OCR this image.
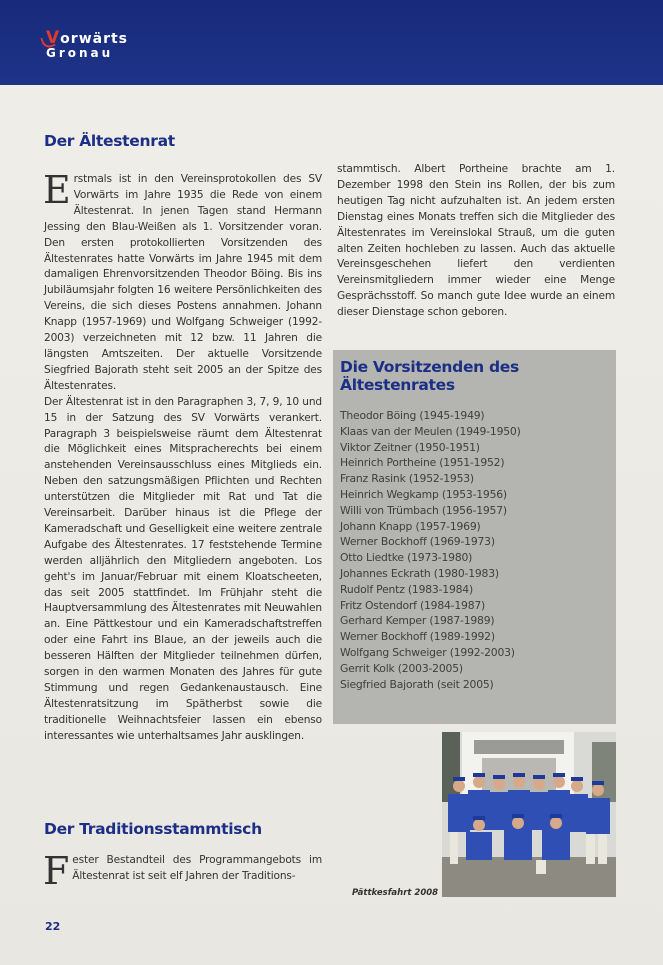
Vorwärts
Gronau
Der Ältestenrat

Erstmals ist in den Vereinsprotokollen des SV Vorwärts im Jahre 1935 die Rede von einem Ältestenrat. In jenen Tagen stand Hermann Jessing den Blau-Weißen als 1. Vorsitzender voran. Den ersten protokollierten Vorsitzenden des Ältestenrates hatte Vorwärts im Jahre 1945 mit dem damaligen Ehrenvorsitzenden Theodor Böing. Bis ins Jubiläumsjahr folgten 16 weitere Persönlichkeiten des Vereins, die sich dieses Postens annahmen. Johann Knapp (1957-1969) und Wolfgang Schweiger (1992-2003) verzeichneten mit 12 bzw. 11 Jahren die längsten Amtszeiten. Der aktuelle Vorsitzende Siegfried Bajorath steht seit 2005 an der Spitze des Ältestenrates.

Der Ältestenrat ist in den Paragraphen 3, 7, 9, 10 und 15 in der Satzung des SV Vorwärts verankert. Paragraph 3 beispielsweise räumt dem Ältestenrat die Möglichkeit eines Mitspracherechts bei einem anstehenden Vereinsausschluss eines Mitglieds ein. Neben den satzungsmäßigen Pflichten und Rechten unterstützen die Mitglieder mit Rat und Tat die Vereinsarbeit. Darüber hinaus ist die Pflege der Kameradschaft und Geselligkeit eine weitere zentrale Aufgabe des Ältestenrates. 17 feststehende Termine werden alljährlich den Mitgliedern angeboten. Los geht's im Januar/Februar mit einem Kloatscheeten, das seit 2005 stattfindet. Im Frühjahr steht die Hauptversammlung des Ältestenrates mit Neuwahlen an. Eine Pättkestour und ein Kameradschaftstreffen oder eine Fahrt ins Blaue, an der jeweils auch die besseren Hälften der Mitglieder teilnehmen dürfen, sorgen in den warmen Monaten des Jahres für gute Stimmung und regen Gedankenaustausch. Eine Ältestenratsitzung im Spätherbst sowie die traditionelle Weihnachtsfeier lassen ein ebenso interessantes wie unterhaltsames Jahr ausklingen.

Der Traditionsstammtisch

Fester Bestandteil des Programmangebots im Ältestenrat ist seit elf Jahren der Traditions-

stammtisch. Albert Portheine brachte am 1. Dezember 1998 den Stein ins Rollen, der bis zum heutigen Tag nicht aufzuhalten ist. An jedem ersten Dienstag eines Monats treffen sich die Mitglieder des Ältestenrates im Vereinslokal Strauß, um die guten alten Zeiten hochleben zu lassen. Auch das aktuelle Vereinsgeschehen liefert den verdienten Vereinsmitgliedern immer wieder eine Menge Gesprächsstoff. So manch gute Idee wurde an einem dieser Dienstage schon geboren.

Die Vorsitzenden des Ältestenrates
Theodor Böing (1945-1949)
Klaas van der Meulen (1949-1950)
Viktor Zeitner (1950-1951)
Heinrich Portheine (1951-1952)
Franz Rasink (1952-1953)
Heinrich Wegkamp (1953-1956)
Willi von Trümbach (1956-1957)
Johann Knapp (1957-1969)
Werner Bockhoff (1969-1973)
Otto Liedtke (1973-1980)
Johannes Eckrath (1980-1983)
Rudolf Pentz (1983-1984)
Fritz Ostendorf (1984-1987)
Gerhard Kemper (1987-1989)
Werner Bockhoff (1989-1992)
Wolfgang Schweiger (1992-2003)
Gerrit Kolk (2003-2005)
Siegfried Bajorath (seit 2005)
Pättkesfahrt 2008
22
